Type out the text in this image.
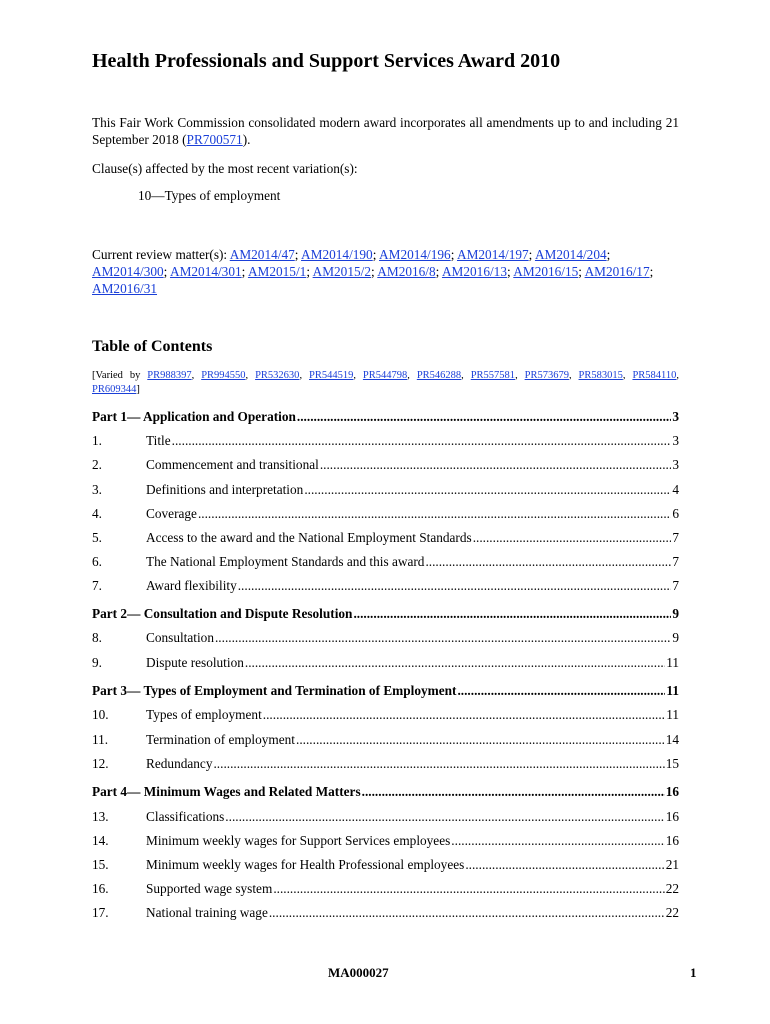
Health Professionals and Support Services Award 2010

This Fair Work Commission consolidated modern award incorporates all amendments up to and including 21 September 2018 (PR700571).

Clause(s) affected by the most recent variation(s):

10—Types of employment

Current review matter(s): AM2014/47; AM2014/190; AM2014/196; AM2014/197; AM2014/204; AM2014/300; AM2014/301; AM2015/1; AM2015/2; AM2016/8; AM2016/13; AM2016/15; AM2016/17; AM2016/31

Table of Contents

[Varied by PR988397, PR994550, PR532630, PR544519, PR544798, PR546288, PR557581, PR573679, PR583015, PR584110, PR609344]

Part 1— Application and Operation .....	3
1.	Title .....	3
2.	Commencement and transitional .....	3
3.	Definitions and interpretation .....	4
4.	Coverage .....	6
5.	Access to the award and the National Employment Standards .....	7
6.	The National Employment Standards and this award .....	7
7.	Award flexibility .....	7
Part 2— Consultation and Dispute Resolution .....	9
8.	Consultation .....	9
9.	Dispute resolution .....	11
Part 3— Types of Employment and Termination of Employment .....	11
10.	Types of employment .....	11
11.	Termination of employment .....	14
12.	Redundancy .....	15
Part 4— Minimum Wages and Related Matters .....	16
13.	Classifications .....	16
14.	Minimum weekly wages for Support Services employees .....	16
15.	Minimum weekly wages for Health Professional employees .....	21
16.	Supported wage system .....	22
17.	National training wage .....	22
MA000027	1
